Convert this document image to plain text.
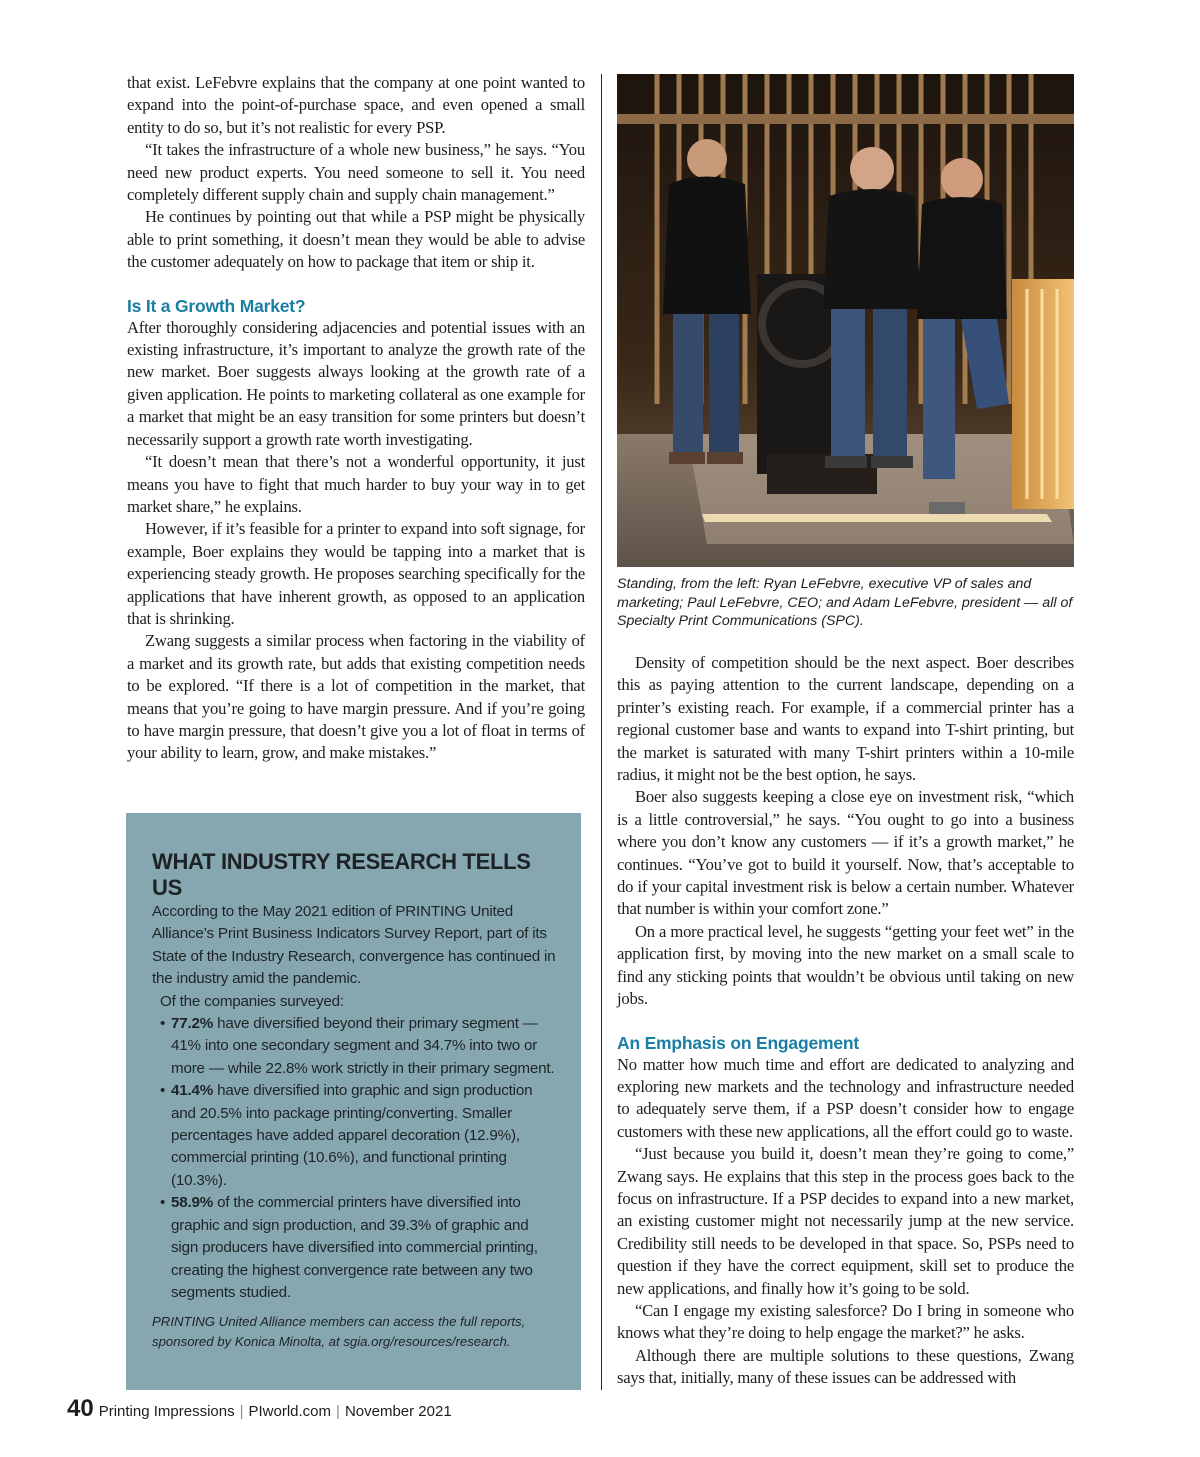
that exist. LeFebvre explains that the company at one point wanted to expand into the point-of-purchase space, and even opened a small entity to do so, but it’s not realistic for every PSP.

“It takes the infrastructure of a whole new business,” he says. “You need new product experts. You need someone to sell it. You need completely different supply chain and supply chain management.”

He continues by pointing out that while a PSP might be physically able to print something, it doesn’t mean they would be able to advise the customer adequately on how to package that item or ship it.

Is It a Growth Market?

After thoroughly considering adjacencies and potential issues with an existing infrastructure, it’s important to analyze the growth rate of the new market. Boer suggests always looking at the growth rate of a given application. He points to marketing collateral as one example for a market that might be an easy transition for some printers but doesn’t necessarily support a growth rate worth investigating.

“It doesn’t mean that there’s not a wonderful opportunity, it just means you have to fight that much harder to buy your way in to get market share,” he explains.

However, if it’s feasible for a printer to expand into soft signage, for example, Boer explains they would be tapping into a market that is experiencing steady growth. He proposes searching specifically for the applications that have inherent growth, as opposed to an application that is shrinking.

Zwang suggests a similar process when factoring in the viability of a market and its growth rate, but adds that existing competition needs to be explored. “If there is a lot of competition in the market, that means that you’re going to have margin pressure. And if you’re going to have margin pressure, that doesn’t give you a lot of float in terms of your ability to learn, grow, and make mistakes.”

WHAT INDUSTRY RESEARCH TELLS US

According to the May 2021 edition of PRINTING United Alliance’s Print Business Indicators Survey Report, part of its State of the Industry Research, convergence has continued in the industry amid the pandemic.

Of the companies surveyed:

• 77.2% have diversified beyond their primary segment — 41% into one secondary segment and 34.7% into two or more — while 22.8% work strictly in their primary segment.
• 41.4% have diversified into graphic and sign production and 20.5% into package printing/converting. Smaller percentages have added apparel decoration (12.9%), commercial printing (10.6%), and functional printing (10.3%).
• 58.9% of the commercial printers have diversified into graphic and sign production, and 39.3% of graphic and sign producers have diversified into commercial printing, creating the highest convergence rate between any two segments studied.

PRINTING United Alliance members can access the full reports, sponsored by Konica Minolta, at sgia.org/resources/research.

Standing, from the left: Ryan LeFebvre, executive VP of sales and marketing; Paul LeFebvre, CEO; and Adam LeFebvre, president — all of Specialty Print Communications (SPC).

Density of competition should be the next aspect. Boer describes this as paying attention to the current landscape, depending on a printer’s existing reach. For example, if a commercial printer has a regional customer base and wants to expand into T-shirt printing, but the market is saturated with many T-shirt printers within a 10-mile radius, it might not be the best option, he says.

Boer also suggests keeping a close eye on investment risk, “which is a little controversial,” he says. “You ought to go into a business where you don’t know any customers — if it’s a growth market,” he continues. “You’ve got to build it yourself. Now, that’s acceptable to do if your capital investment risk is below a certain number. Whatever that number is within your comfort zone.”

On a more practical level, he suggests “getting your feet wet” in the application first, by moving into the new market on a small scale to find any sticking points that wouldn’t be obvious until taking on new jobs.

An Emphasis on Engagement

No matter how much time and effort are dedicated to analyzing and exploring new markets and the technology and infrastructure needed to adequately serve them, if a PSP doesn’t consider how to engage customers with these new applications, all the effort could go to waste.

“Just because you build it, doesn’t mean they’re going to come,” Zwang says. He explains that this step in the process goes back to the focus on infrastructure. If a PSP decides to expand into a new market, an existing customer might not necessarily jump at the new service. Credibility still needs to be developed in that space. So, PSPs need to question if they have the correct equipment, skill set to produce the new applications, and finally how it’s going to be sold.

“Can I engage my existing salesforce? Do I bring in someone who knows what they’re doing to help engage the market?” he asks.

Although there are multiple solutions to these questions, Zwang says that, initially, many of these issues can be addressed with

40 Printing Impressions | PIworld.com | November 2021
